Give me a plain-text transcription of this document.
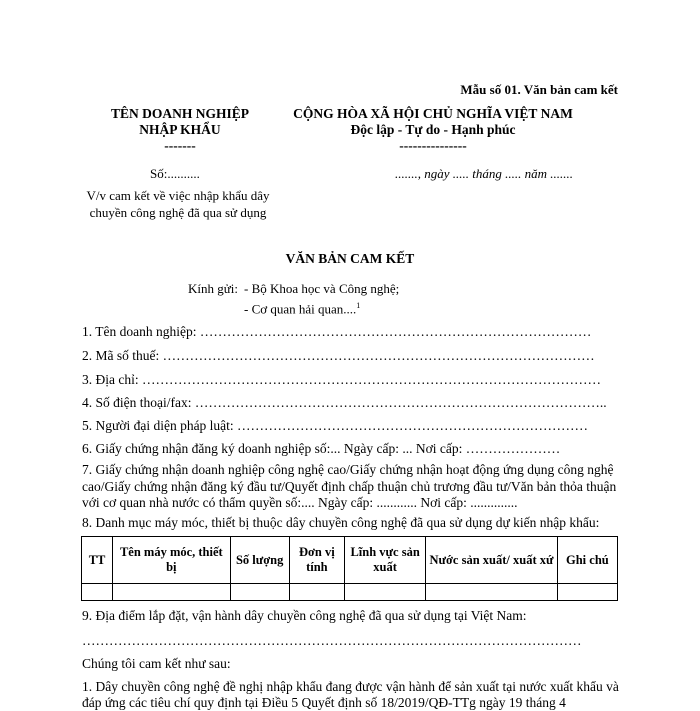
Mẫu số 01. Văn bản cam kết
TÊN DOANH NGHIỆP
NHẬP KHẨU
-------
CỘNG HÒA XÃ HỘI CHỦ NGHĨA VIỆT NAM
Độc lập - Tự do - Hạnh phúc
---------------
Số:..........	......., ngày ..... tháng ..... năm .......
V/v cam kết về việc nhập khẩu dây chuyền công nghệ đã qua sử dụng
VĂN BẢN CAM KẾT
Kính gửi: - Bộ Khoa học và Công nghệ;
- Cơ quan hải quan....$^1$
1. Tên doanh nghiệp: ……………………………………………………………………………
2. Mã số thuế: ……………………………………………………………………………………
3. Địa chỉ: …………………………………………………………………………………………
4. Số điện thoại/fax: ………………………………………………………………………………..
5. Người đại diện pháp luật: ……………………………………………………………………
6. Giấy chứng nhận đăng ký doanh nghiệp số:... Ngày cấp: ... Nơi cấp: …………………
7. Giấy chứng nhận doanh nghiệp công nghệ cao/Giấy chứng nhận hoạt động ứng dụng công nghệ cao/Giấy chứng nhận đăng ký đầu tư/Quyết định chấp thuận chủ trương đầu tư/Văn bản thỏa thuận với cơ quan nhà nước có thẩm quyền số:.... Ngày cấp: ............ Nơi cấp: ..............
8. Danh mục máy móc, thiết bị thuộc dây chuyền công nghệ đã qua sử dụng dự kiến nhập khẩu:
TT	Tên máy móc, thiết bị	Số lượng	Đơn vị tính	Lĩnh vực sản xuất	Nước sản xuất/ xuất xứ	Ghi chú

9. Địa điểm lắp đặt, vận hành dây chuyền công nghệ đã qua sử dụng tại Việt Nam:
…………………………………………………………………………………………………
Chúng tôi cam kết như sau:
1. Dây chuyền công nghệ đề nghị nhập khẩu đang được vận hành để sản xuất tại nước xuất khẩu và đáp ứng các tiêu chí quy định tại Điều 5 Quyết định số 18/2019/QĐ-TTg ngày 19 tháng 4
